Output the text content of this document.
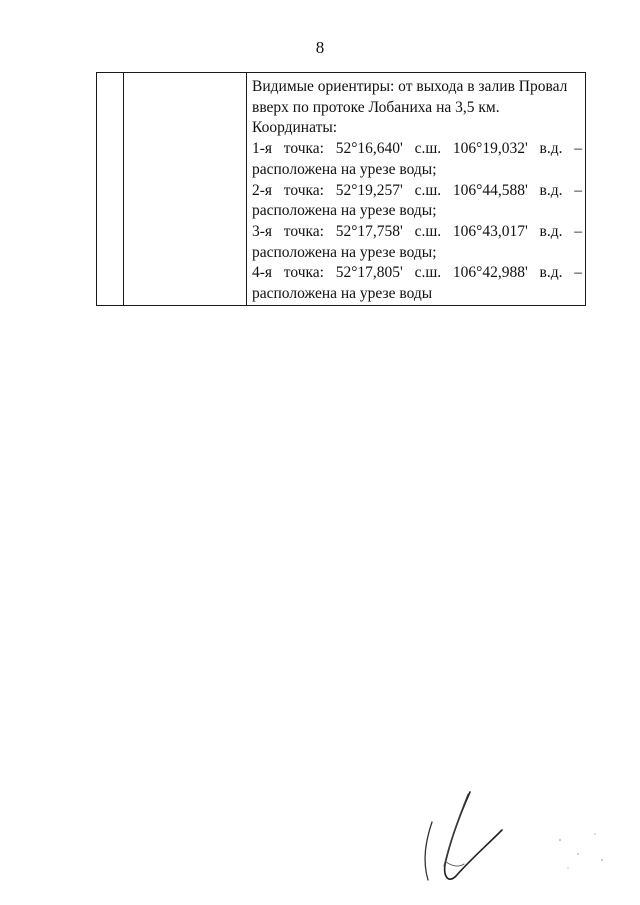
8

Видимые ориентиры: от выхода в залив Провал
вверх по протоке Лобаниха на 3,5 км.
Координаты:
1-я точка: 52°16,640' с.ш. 106°19,032' в.д. –
расположена на урезе воды;
2-я точка: 52°19,257' с.ш. 106°44,588' в.д. –
расположена на урезе воды;
3-я точка: 52°17,758' с.ш. 106°43,017' в.д. –
расположена на урезе воды;
4-я точка: 52°17,805' с.ш. 106°42,988' в.д. –
расположена на урезе воды
